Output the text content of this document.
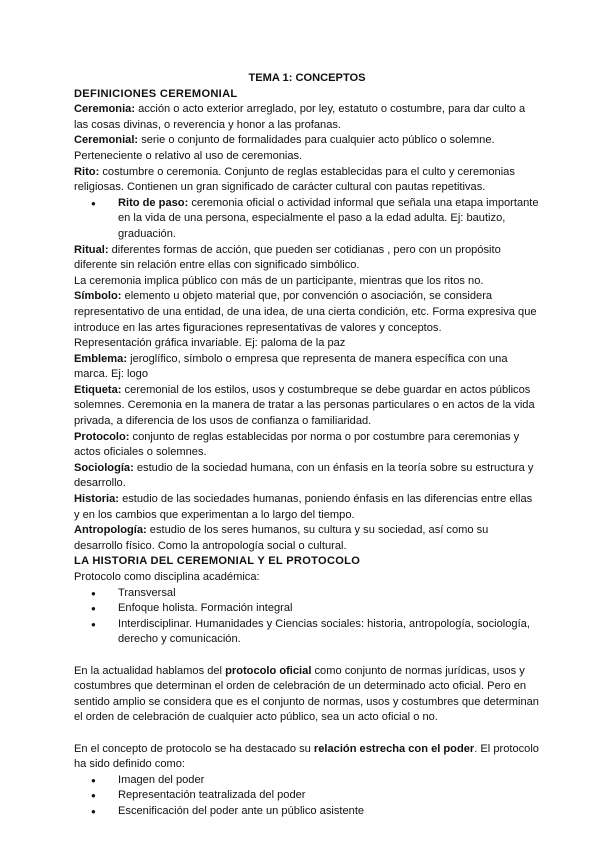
TEMA 1: CONCEPTOS

DEFINICIONES CEREMONIAL

Ceremonia: acción o acto exterior arreglado, por ley, estatuto o costumbre, para dar culto a las cosas divinas, o reverencia y honor a las profanas.

Ceremonial: serie o conjunto de formalidades para cualquier acto público o solemne. Perteneciente o relativo al uso de ceremonias.

Rito: costumbre o ceremonia. Conjunto de reglas establecidas para el culto y ceremonias religiosas. Contienen un gran significado de carácter cultural con pautas repetitivas.

● Rito de paso: ceremonia oficial o actividad informal que señala una etapa importante en la vida de una persona, especialmente el paso a la edad adulta. Ej: bautizo, graduación.

Ritual: diferentes formas de acción, que pueden ser cotidianas , pero con un propósito diferente sin relación entre ellas con significado simbólico.

La ceremonia implica público con más de un participante, mientras que los ritos no.

Símbolo: elemento u objeto material que, por convención o asociación, se considera representativo de una entidad, de una idea, de una cierta condición, etc. Forma expresiva que introduce en las artes figuraciones representativas de valores y conceptos.

Representación gráfica invariable. Ej: paloma de la paz

Emblema: jeroglífico, símbolo o empresa que representa de manera específica con una marca. Ej: logo

Etiqueta: ceremonial de los estilos, usos y costumbreque se debe guardar en actos públicos solemnes. Ceremonia en la manera de tratar a las personas particulares o en actos de la vida privada, a diferencia de los usos de confianza o familiaridad.

Protocolo: conjunto de reglas establecidas por norma o por costumbre para ceremonias y actos oficiales o solemnes.

Sociología: estudio de la sociedad humana, con un énfasis en la teoría sobre su estructura y desarrollo.

Historia: estudio de las sociedades humanas, poniendo énfasis en las diferencias entre ellas y en los cambios que experimentan a lo largo del tiempo.

Antropología: estudio de los seres humanos, su cultura y su sociedad, así como su desarrollo físico. Como la antropología social o cultural.

LA HISTORIA DEL CEREMONIAL Y EL PROTOCOLO

Protocolo como disciplina académica:

● Transversal
● Enfoque holista. Formación integral
● Interdisciplinar. Humanidades y Ciencias sociales: historia, antropología, sociología, derecho y comunicación.

En la actualidad hablamos del protocolo oficial como conjunto de normas jurídicas, usos y costumbres que determinan el orden de celebración de un determinado acto oficial. Pero en sentido amplio se considera que es el conjunto de normas, usos y costumbres que determinan el orden de celebración de cualquier acto público, sea un acto oficial o no.

En el concepto de protocolo se ha destacado su relación estrecha con el poder. El protocolo ha sido definido como:

● Imagen del poder
● Representación teatralizada del poder
● Escenificación del poder ante un público asistente
